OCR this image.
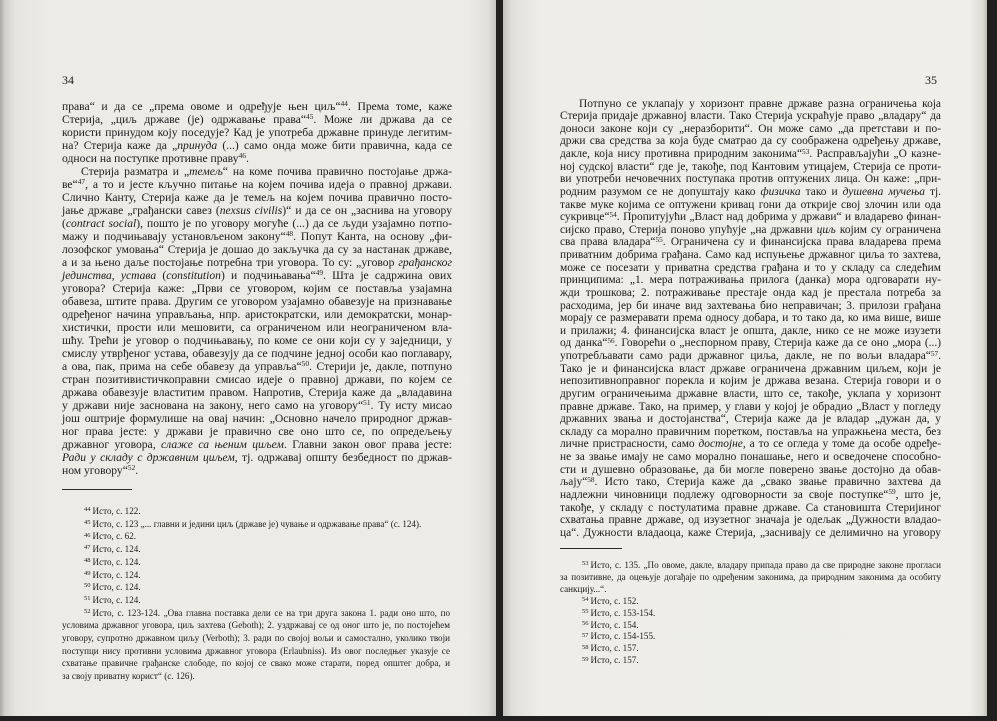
34
права“ и да се „према овоме и одређује њен циљ“$^{44}$. Према томе, каже
Стерија, „циљ државе (је) одржавање права“$^{45}$. Може ли држава да се
користи принудом коју поседује? Кад је употреба државне принуде легитим-
на? Стерија каже да „принуда (...) само онда може бити правична, када се
односи на поступке противне праву$^{46}$.
Стерија разматра и „темељ“ на коме почива правично постојање држа-
ве“$^{47}$, а то и јесте кључно питање на којем почива идеја о правној држави.
Слично Канту, Стерија каже да је темељ на којем почива правично посто-
јање државе „грађански савез (nexsus civilis)“ и да се он „заснива на уговору
(contract social), пошто је по уговору могуће (...) да се људи узајамно потпо-
мажу и подчињавају установљеном закону“$^{48}$. Попут Канта, на основу „фи-
лозофског умовања“ Стерија је дошао до закључка да су за настанак државе,
а и за њено даље постојање потребна три уговора. То су: „уговор грађанског
јединства, устава (constitution) и подчињавања“$^{49}$. Шта је садржина ових
уговора? Стерија каже: „Први се уговором, којим се поставља узајамна
обавеза, штите права. Другим се уговором узајамно обавезује на признавање
одређеног начина управљања, нпр. аристократски, или демократски, монар-
хистички, прости или мешовити, са ограниченом или неограниченом вла-
шћу. Трећи је уговор о подчињавању, по коме се они који су у заједници, у
смислу утврђеног устава, обавезују да се подчине једној особи као поглавару,
а ова, пак, прима на себе обавезу да управља“$^{50}$. Стерији је, дакле, потпуно
стран позитивистичкоправни смисао идеје о правној држави, по којем се
држава обавезује властитим правом. Напротив, Стерија каже да „владавина
у држави није заснована на закону, него само на уговору“$^{51}$. Ту исту мисао
још оштрије формулише на овај начин: „Основно начело природног држав-
ног права јесте: у држави је правично све оно што се, по опредељењу
државног уговора, слаже са њеним циљем. Главни закон овог права јесте:
Ради у складу с државним циљем, тј. одржавај општу безбедност по држав-
ном уговору“$^{52}$.
$^{44}$ Исто, с. 122.
$^{45}$ Исто, с. 123 „... главни и једини циљ (државе је) чување и одржавање права“ (с. 124).
$^{46}$ Исто, с. 62.
$^{47}$ Исто, с. 124.
$^{48}$ Исто, с. 124.
$^{49}$ Исто, с. 124.
$^{50}$ Исто, с. 124.
$^{51}$ Исто, с. 124.
$^{52}$ Исто, с. 123-124. „Ова главна поставка дели се на три друга закона 1. ради оно што, по
условима државног уговора, циљ захтева (Geboth); 2. уздржавај се од оног што је, по постојећем
уговору, супротно државном циљу (Verboth); 3. ради по својој вољи и самостално, уколико твоји
поступци нису противни условима државног уговора (Erlaubniss). Из овог последњег указује се
схватање правичне грађанске слободе, по којој се свако може старати, поред општег добра, и
за своју приватну корист“ (с. 126).
35
Потпуно се уклапају у хоризонт правне државе разна ограничења која
Стерија придаје државној власти. Тако Стерија ускраћује право „владару“ да
доноси законе који су „неразборити“. Он може само „да претстави и по-
држи сва средства за која буде сматрао да су соображена одређењу државе,
дакле, која нису противна природним законима“$^{53}$. Расправљајући „О казне-
ној судској власти“ где је, такође, под Кантовим утицајем, Стерија се проти-
ви употреби нечовечних поступака против оптужених лица. Он каже: „при-
родним разумом се не допуштају како физичка тако и душевна мучења тј.
такве муке којима се оптужени кривац гони да открије свој злочин или ода
сукривце“$^{54}$. Пропитујући „Власт над добрима у држави“ и владарево финан-
сијско право, Стерија поново упућује „на државни циљ којим су ограничена
сва права владара“$^{55}$. Ограничена су и финансијска права владарева према
приватним добрима грађана. Само кад испуњење државног циља то захтева,
може се посезати у приватна средства грађана и то у складу са следећим
принципима: „1. мера потраживања прилога (данка) мора одговарати ну-
жди трошкова; 2. потраживање престаје онда кад је престала потреба за
расходима, јер би иначе вид захтевања био неправичан; 3. прилози грађана
морају се размеравати према односу добара, и то тако да, ко има више, више
и прилажи; 4. финансијска власт је општа, дакле, нико се не може изузети
од данка“$^{56}$. Говорећи о „неспорном праву, Стерија каже да се оно „мора (...)
употребљавати само ради државног циља, дакле, не по вољи владара“$^{57}$.
Тако је и финансијска власт државе ограничена државним циљем, који је
непозитивноправног порекла и којим је држава везана. Стерија говори и о
другим ограничењима државне власти, што се, такође, уклапа у хоризонт
правне државе. Тако, на пример, у глави у којој је обрадио „Власт у погледу
државних звања и достојанства“, Стерија каже да је владар „дужан да, у
складу са морално правичним поретком, поставља на упражњена места, без
личне пристрасности, само достојне, а то се огледа у томе да особе одређе-
не за звање имају не само морално понашање, него и осведочене способно-
сти и душевно образовање, да би могле поверено звање достојно да обав-
љају“$^{58}$. Исто тако, Стерија каже да „свако звање правично захтева да
надлежни чиновници подлежу одговорности за своје поступке“$^{59}$, што је,
такође, у складу с постулатима правне државе. Са становишта Стеријиног
схватања правне државе, од изузетног значаја је одељак „Дужности владао-
ца“. Дужности владаоца, каже Стерија, „заснивају се делимично на уговору
$^{53}$ Исто, с. 135. „По овоме, дакле, владару припада право да све природне законе прогласи
за позитивне, да оцењује догађаје по одређеним законима, да природним законима да особиту
санкцију...“.
$^{54}$ Исто, с. 152.
$^{55}$ Исто, с. 153-154.
$^{56}$ Исто, с. 154.
$^{57}$ Исто, с. 154-155.
$^{58}$ Исто, с. 157.
$^{59}$ Исто, с. 157.
